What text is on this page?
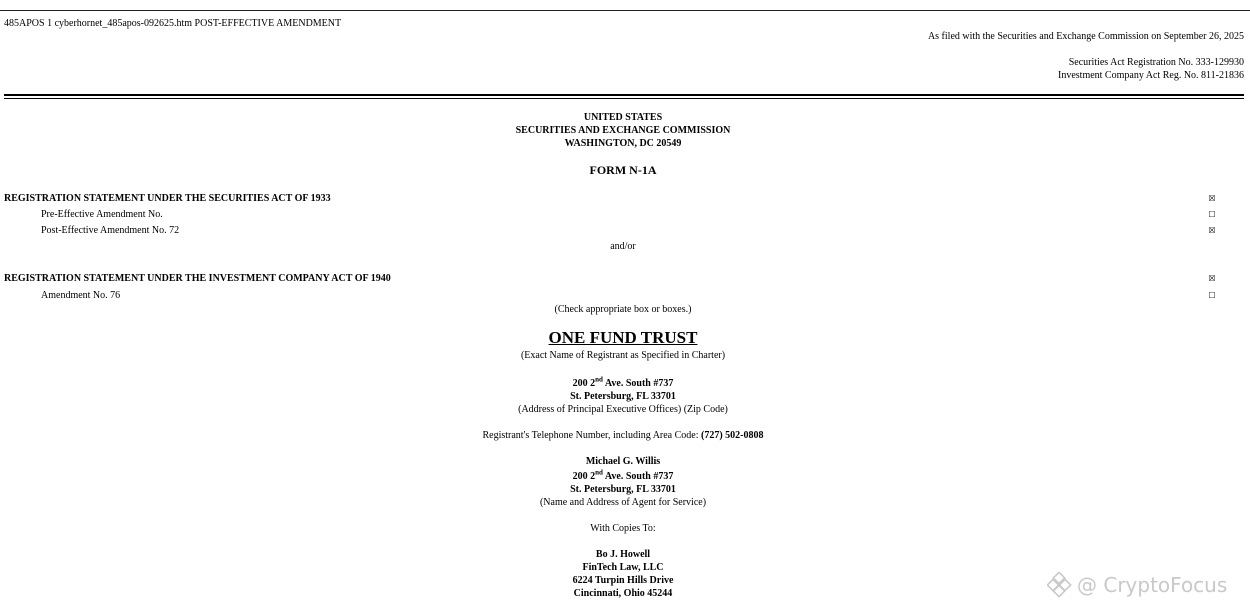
485APOS 1 cyberhornet_485apos-092625.htm POST-EFFECTIVE AMENDMENT
As filed with the Securities and Exchange Commission on September 26, 2025
Securities Act Registration No. 333-129930
Investment Company Act Reg. No. 811-21836
UNITED STATES
SECURITIES AND EXCHANGE COMMISSION
WASHINGTON, DC 20549
FORM N-1A
REGISTRATION STATEMENT UNDER THE SECURITIES ACT OF 1933	☒
Pre-Effective Amendment No.	☐
Post-Effective Amendment No. 72	☒
and/or
REGISTRATION STATEMENT UNDER THE INVESTMENT COMPANY ACT OF 1940	☒
Amendment No. 76	☐
(Check appropriate box or boxes.)
ONE FUND TRUST
(Exact Name of Registrant as Specified in Charter)
200 2nd Ave. South #737
St. Petersburg, FL 33701
(Address of Principal Executive Offices) (Zip Code)
Registrant's Telephone Number, including Area Code: (727) 502-0808
Michael G. Willis
200 2nd Ave. South #737
St. Petersburg, FL 33701
(Name and Address of Agent for Service)
With Copies To:
Bo J. Howell
FinTech Law, LLC
6224 Turpin Hills Drive
Cincinnati, Ohio 45244	@ CryptoFocus
